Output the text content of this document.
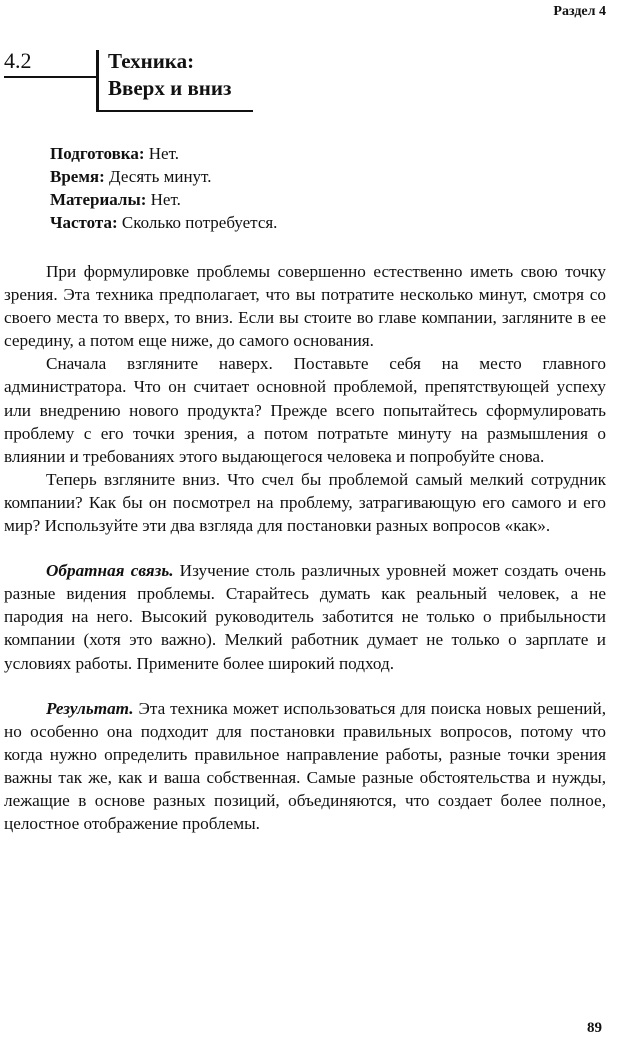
Раздел 4
4.2	Техника:
Вверх и вниз
Подготовка: Нет.
Время: Десять минут.
Материалы: Нет.
Частота: Сколько потребуется.

При формулировке проблемы совершенно естественно иметь свою точку зрения. Эта техника предполагает, что вы потратите несколько минут, смотря со своего места то вверх, то вниз. Если вы стоите во главе компании, загляните в ее середину, а потом еще ниже, до самого основания.

Сначала взгляните наверх. Поставьте себя на место главного администратора. Что он считает основной проблемой, препятствующей успеху или внедрению нового продукта? Прежде всего попытайтесь сформулировать проблему с его точки зрения, а потом потратьте минуту на размышления о влиянии и требованиях этого выдающегося человека и попробуйте снова.

Теперь взгляните вниз. Что счел бы проблемой самый мелкий сотрудник компании? Как бы он посмотрел на проблему, затрагивающую его самого и его мир? Используйте эти два взгляда для постановки разных вопросов «как».

Обратная связь. Изучение столь различных уровней может создать очень разные видения проблемы. Старайтесь думать как реальный человек, а не пародия на него. Высокий руководитель заботится не только о прибыльности компании (хотя это важно). Мелкий работник думает не только о зарплате и условиях работы. Примените более широкий подход.

Результат. Эта техника может использоваться для поиска новых решений, но особенно она подходит для постановки правильных вопросов, потому что когда нужно определить правильное направление работы, разные точки зрения важны так же, как и ваша собственная. Самые разные обстоятельства и нужды, лежащие в основе разных позиций, объединяются, что создает более полное, целостное отображение проблемы.

89
